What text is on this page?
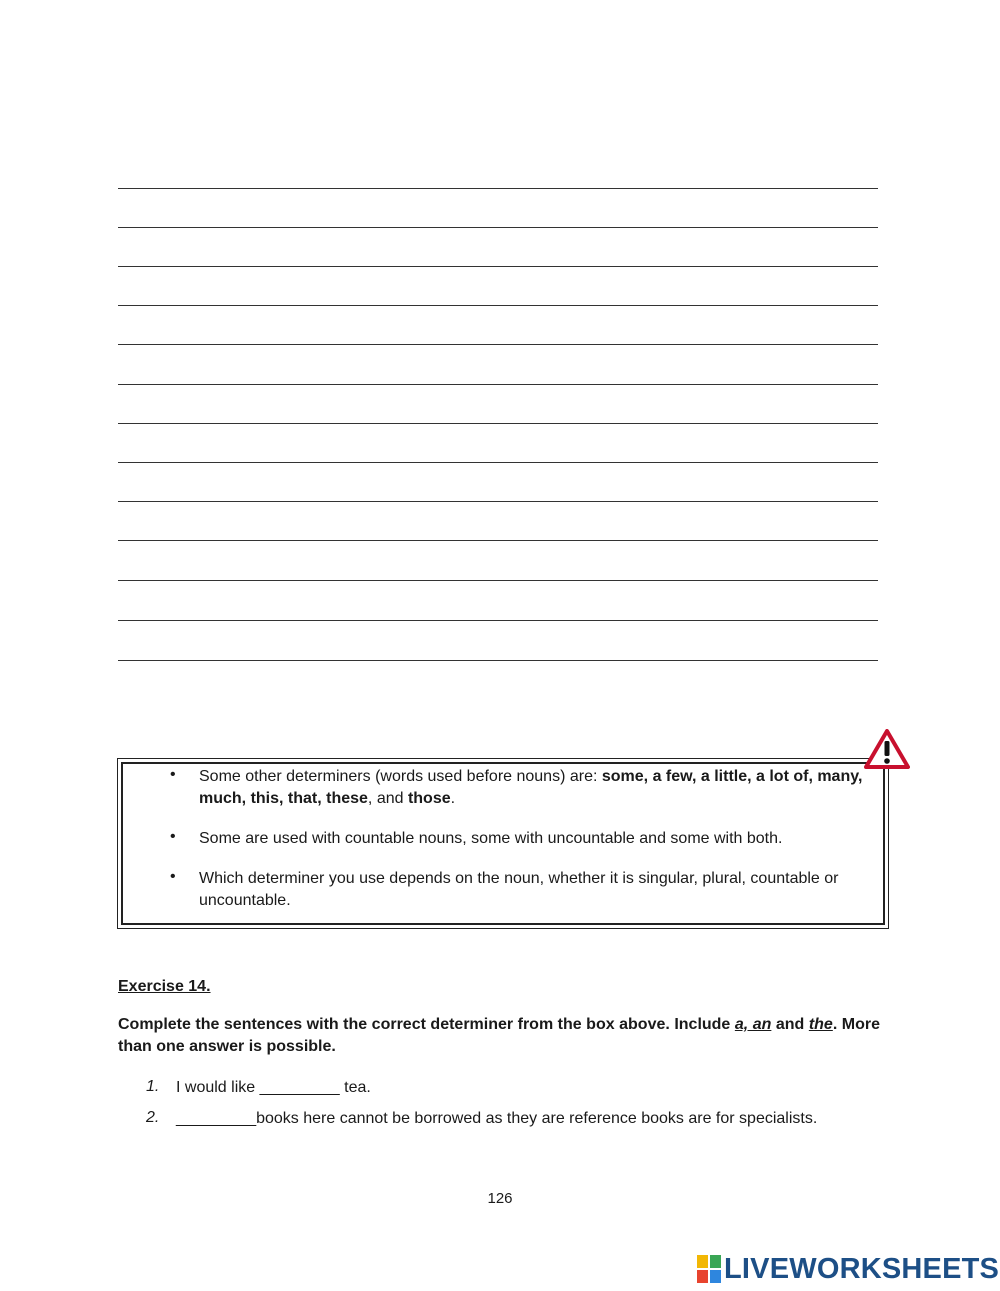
• Some other determiners (words used before nouns) are: some, a few, a little, a lot of, many, much, this, that, these, and those.
• Some are used with countable nouns, some with uncountable and some with both.
• Which determiner you use depends on the noun, whether it is singular, plural, countable or uncountable.
Exercise 14.
Complete the sentences with the correct determiner from the box above. Include a, an and the. More than one answer is possible.
1. I would like _________ tea.
2. _________books here cannot be borrowed as they are reference books are for specialists.
126
LIVEWORKSHEETS
